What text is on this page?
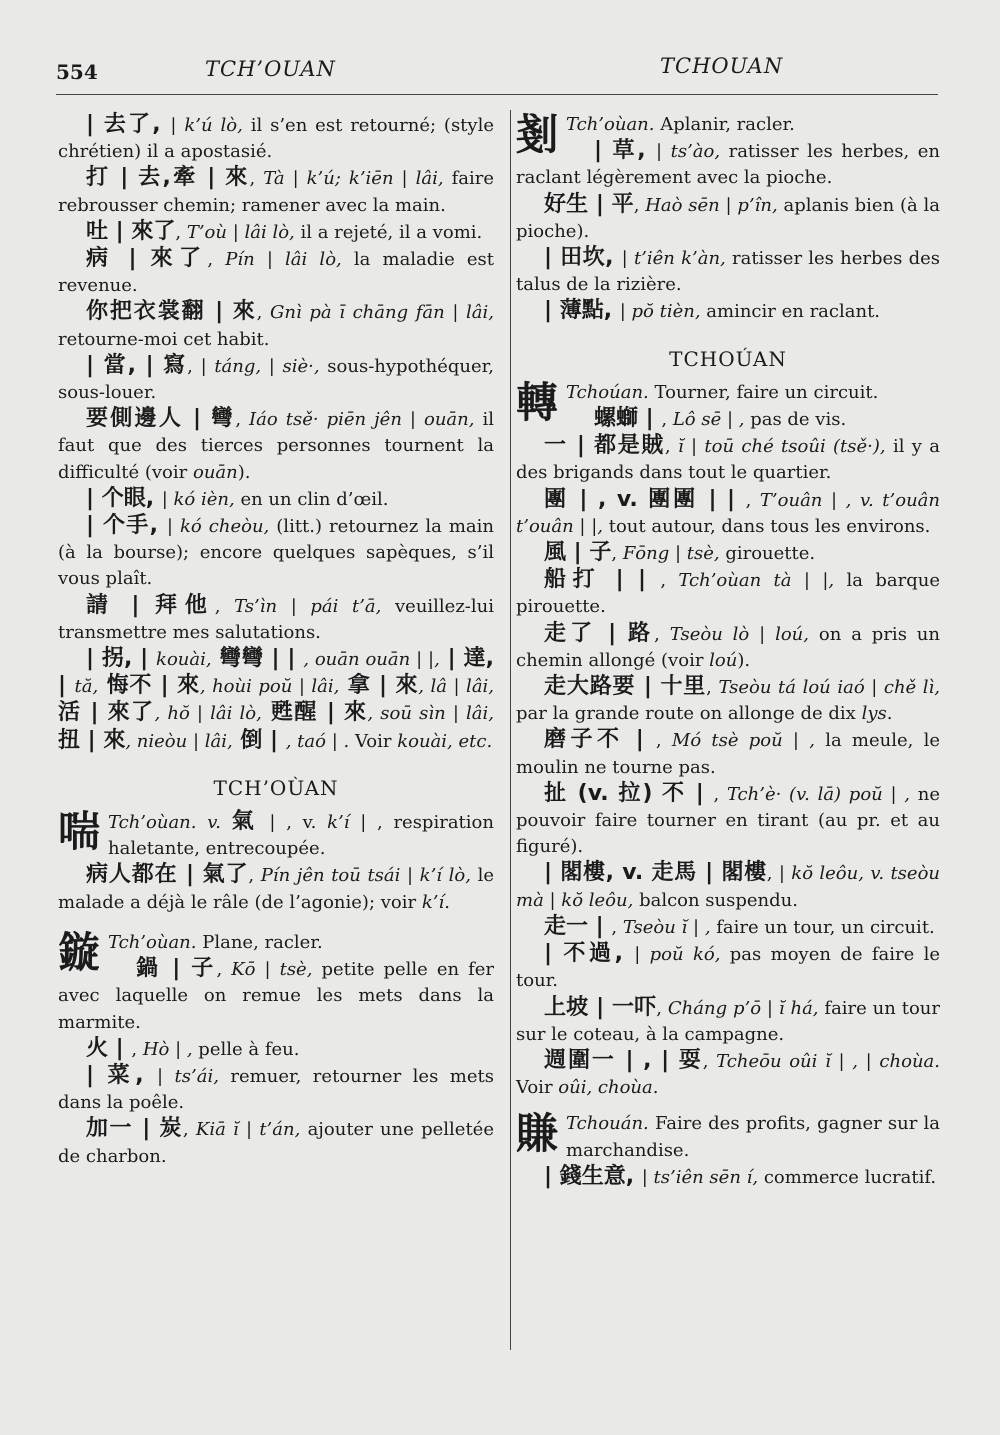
554	TCH’OUAN	TCHOUAN

| 去了, | k’ú lò, il s’en est retourné; (style chrétien) il a apostasié.

打 | 去,牽 | 來, Tà | k’ú; k’iēn | lâi, faire rebrousser chemin; ramener avec la main.

吐 | 來了, T’où | lâi lò, il a rejeté, il a vomi.

病 | 來了, Pín | lâi lò, la maladie est revenue.

你把衣裳翻 | 來, Gnì pà ī chāng fān | lâi, retourne-moi cet habit.

| 當, | 寫, | táng, | siè·, sous-hypothéquer, sous-louer.

要側邊人 | 彎, Iáo tsě· piēn jên | ouān, il faut que des tierces personnes tournent la difficulté (voir ouān).

| 个眼, | kó ièn, en un clin d’œil.

| 个手, | kó cheòu, (litt.) retournez la main (à la bourse); encore quelques sapèques, s’il vous plaît.

請 | 拜他, Ts’ìn | pái t’ā, veuillez-lui transmettre mes salutations.

| 拐, | kouài, 彎彎 | | , ouān ouān | |, | 達, | tă, 悔不 | 來, hoùi poŭ | lâi, 拿 | 來, lâ | lâi, 活 | 來了, hŏ | lâi lò, 甦醒 | 來, soū sìn | lâi, 扭 | 來, nieòu | lâi, 倒 | , taó | . Voir kouài, etc.

TCH’OÙAN

喘 Tch’oùan. v. 氣 | , v. k’í | , respiration haletante, entrecoupée.

病人都在 | 氣了, Pín jên toū tsái | k’í lò, le malade a déjà le râle (de l’agonie); voir k’í.

鏇 Tch’oùan. Plane, racler.

鍋 | 子, Kō | tsè, petite pelle en fer avec laquelle on remue les mets dans la marmite.

火 | , Hò | , pelle à feu.

| 菜, | ts’ái, remuer, retourner les mets dans la poêle.

加一 | 炭, Kiā ĭ | t’án, ajouter une pelletée de charbon.

剗 Tch’oùan. Aplanir, racler.

| 草, | ts’ào, ratisser les herbes, en raclant légèrement avec la pioche.

好生 | 平, Haò sēn | p’în, aplanis bien (à la pioche).

| 田坎, | t’iên k’àn, ratisser les herbes des talus de la rizière.

| 薄點, | pŏ tièn, amincir en raclant.

TCHOÚAN

轉 Tchoúan. Tourner, faire un circuit.

螺螄 | , Lô sē | , pas de vis.

一 | 都是賊, ĭ | toū ché tsoûi (tsě·), il y a des brigands dans tout le quartier.

團 | , v. 團團 | | , T’ouân | , v. t’ouân t’ouân | |, tout autour, dans tous les environs.

風 | 子, Fōng | tsè, girouette.

船打 | | , Tch’oùan tà | |, la barque pirouette.

走了 | 路, Tseòu lò | loú, on a pris un chemin allongé (voir loú).

走大路要 | 十里, Tseòu tá loú iaó | chě lì, par la grande route on allonge de dix lys.

磨子不 | , Mó tsè poŭ | , la meule, le moulin ne tourne pas.

扯 (v. 拉) 不 | , Tch’è· (v. lā) poŭ | , ne pouvoir faire tourner en tirant (au pr. et au figuré).

| 閣樓, v. 走馬 | 閣樓, | kŏ leôu, v. tseòu mà | kŏ leôu, balcon suspendu.

走一 | , Tseòu ĭ | , faire un tour, un circuit.

| 不過, | poŭ kó, pas moyen de faire le tour.

上坡 | 一吓, Cháng p’ō | ĭ há, faire un tour sur le coteau, à la campagne.

週圍一 | , | 耍, Tcheōu oûi ĭ | , | choùa. Voir oûi, choùa.

賺 Tchouán. Faire des profits, gagner sur la marchandise.

| 錢生意, | ts’iên sēn í, commerce lucratif.
